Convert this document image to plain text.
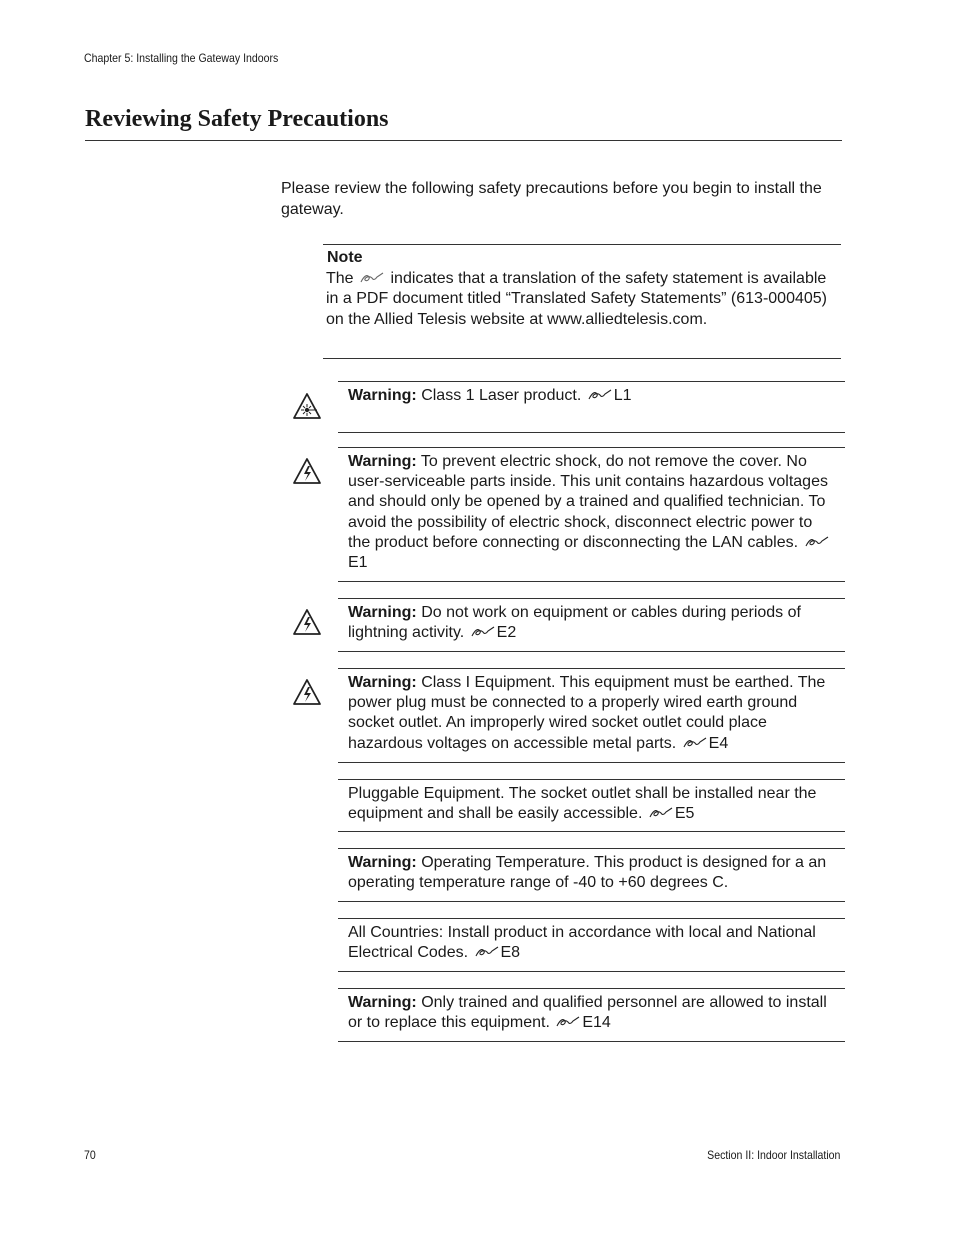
Chapter 5: Installing the Gateway Indoors
Reviewing Safety Precautions

Please review the following safety precautions before you begin to install the gateway.

Note

The indicates that a translation of the safety statement is available in a PDF document titled “Translated Safety Statements” (613-000405) on the Allied Telesis website at www.alliedtelesis.com.

Warning: Class 1 Laser product. L1

Warning: To prevent electric shock, do not remove the cover. No user-serviceable parts inside. This unit contains hazardous voltages and should only be opened by a trained and qualified technician. To avoid the possibility of electric shock, disconnect electric power to the product before connecting or disconnecting the LAN cables.
E1

Warning: Do not work on equipment or cables during periods of lightning activity. E2

Warning: Class I Equipment. This equipment must be earthed. The power plug must be connected to a properly wired earth ground socket outlet. An improperly wired socket outlet could place hazardous voltages on accessible metal parts. E4

Pluggable Equipment. The socket outlet shall be installed near the equipment and shall be easily accessible. E5

Warning: Operating Temperature. This product is designed for a an operating temperature range of -40 to +60 degrees C.

All Countries: Install product in accordance with local and National Electrical Codes. E8

Warning: Only trained and qualified personnel are allowed to install or to replace this equipment. E14

70	Section II: Indoor Installation
